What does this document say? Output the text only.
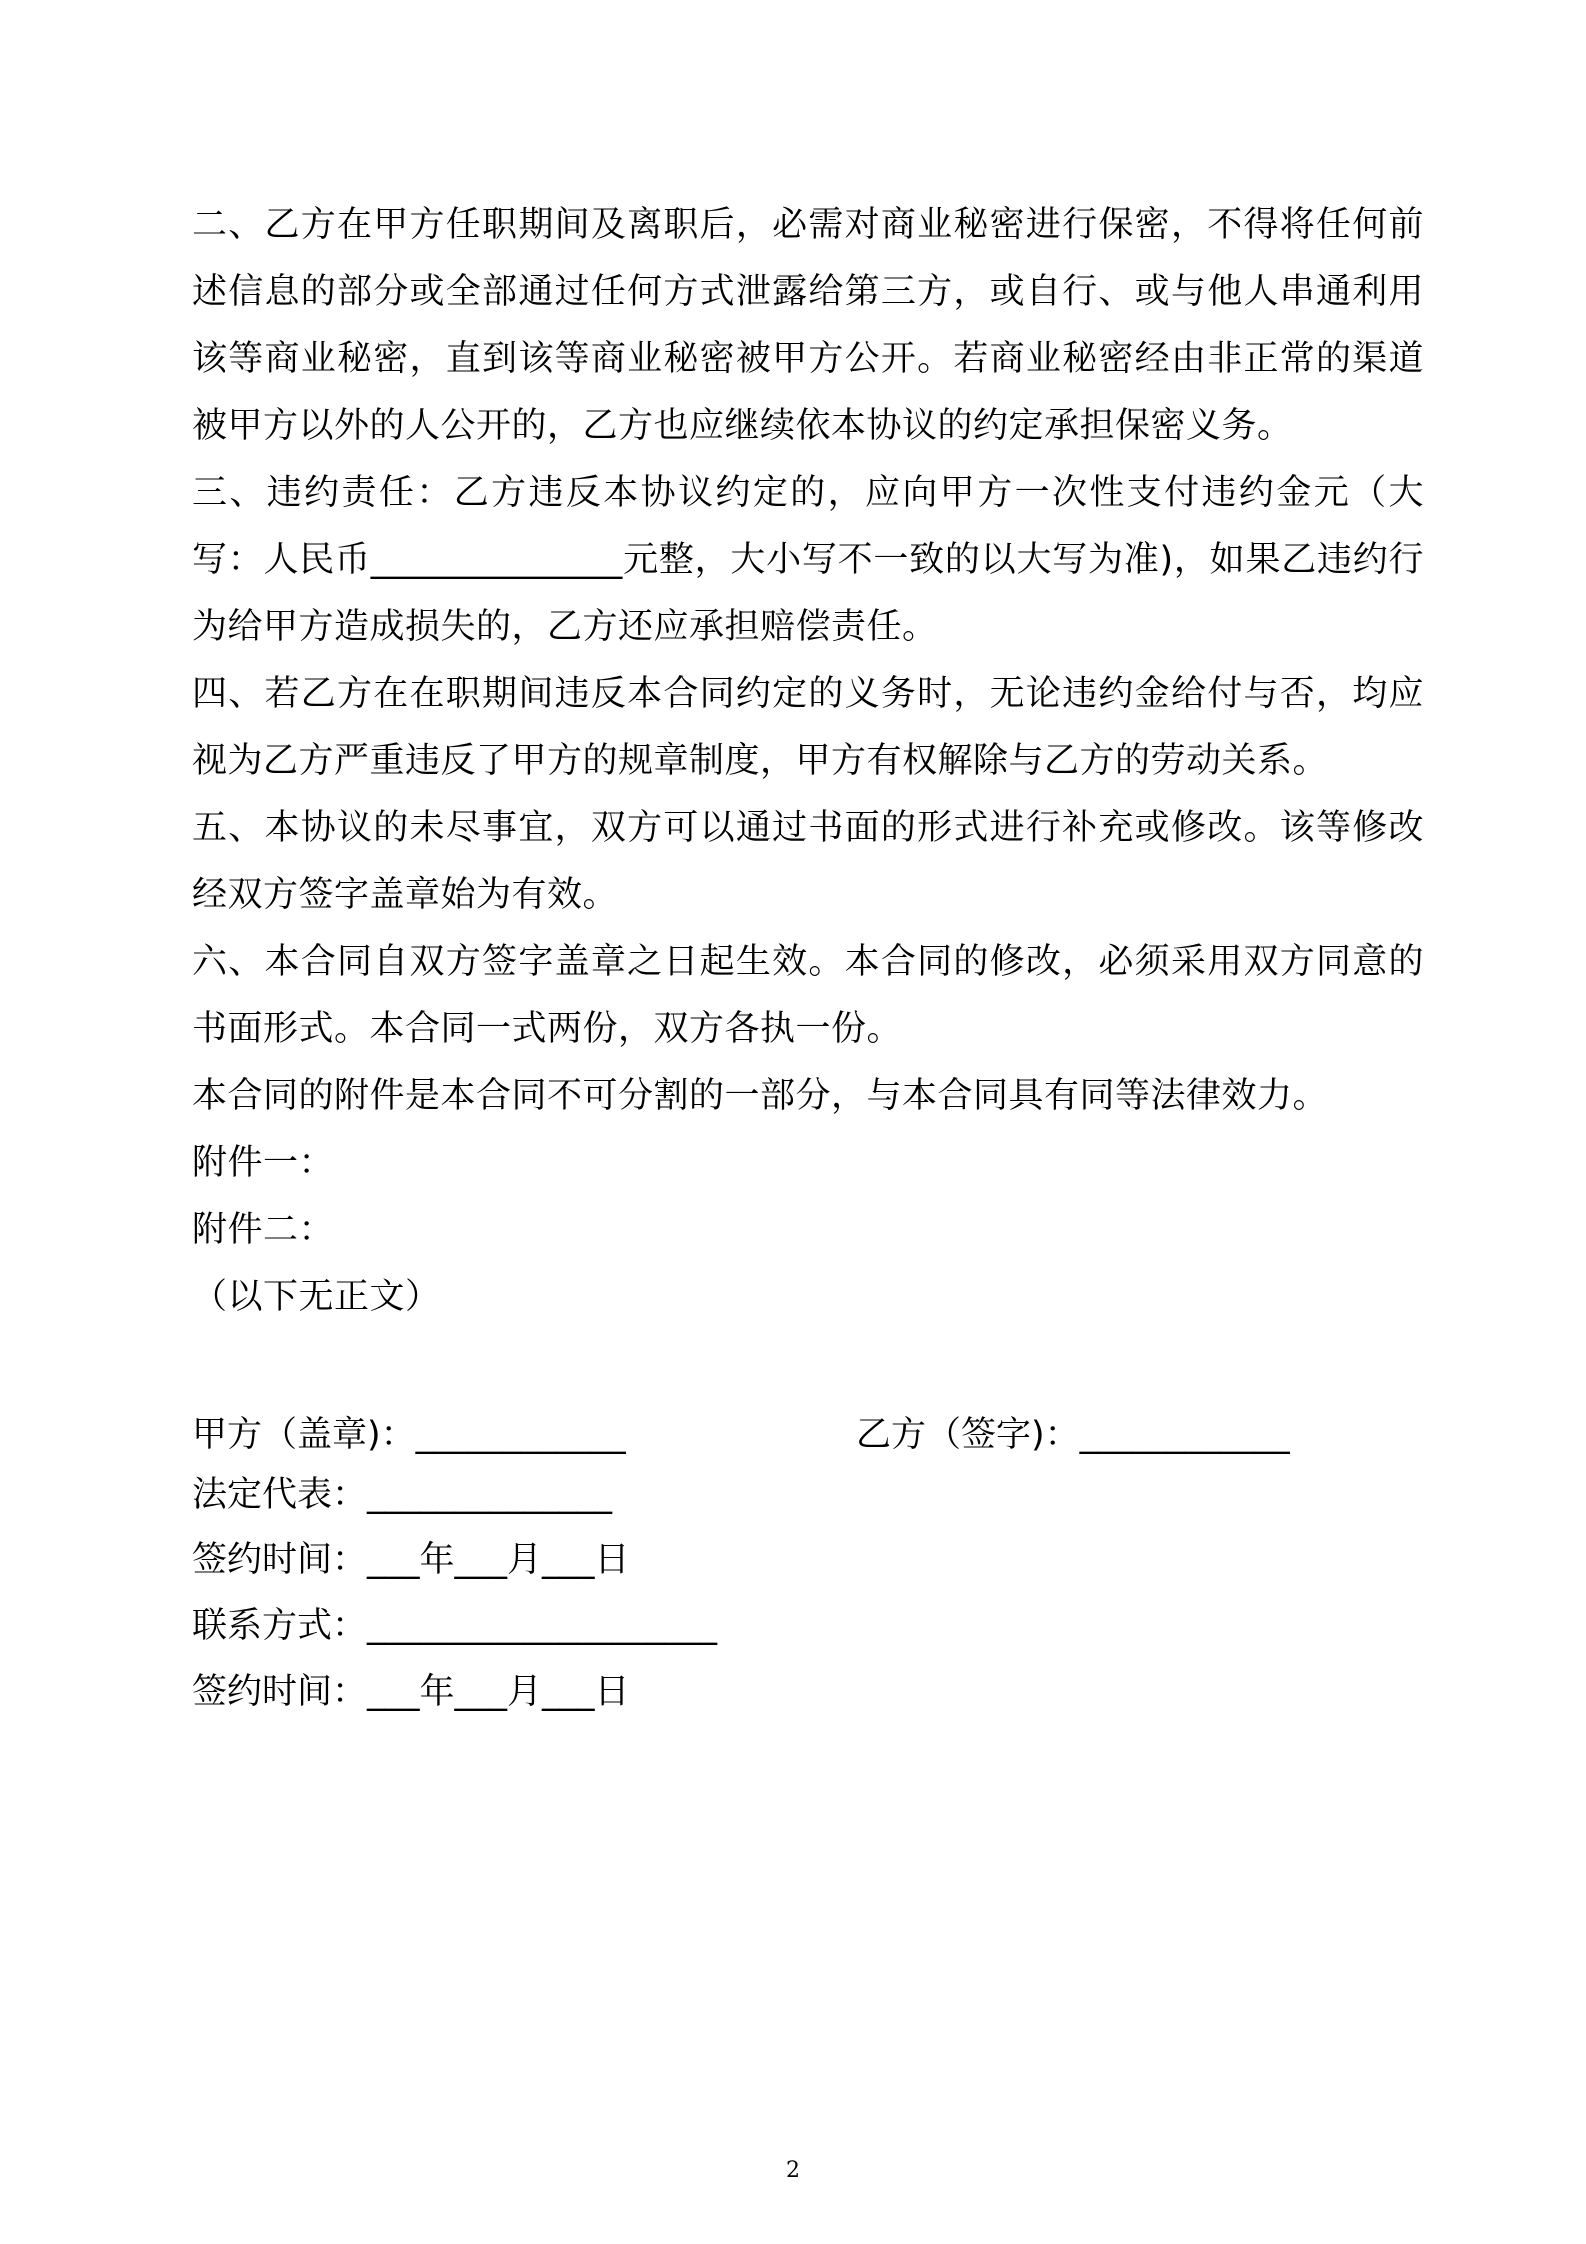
二、乙方在甲方任职期间及离职后，必需对商业秘密进行保密，不得将任何前述信息的部分或全部通过任何方式泄露给第三方，或自行、或与他人串通利用该等商业秘密，直到该等商业秘密被甲方公开。若商业秘密经由非正常的渠道被甲方以外的人公开的，乙方也应继续依本协议的约定承担保密义务。

三、违约责任：乙方违反本协议约定的，应向甲方一次性支付违约金元（大写：人民币______________元整，大小写不一致的以大写为准)，如果乙违约行为给甲方造成损失的，乙方还应承担赔偿责任。

四、若乙方在在职期间违反本合同约定的义务时，无论违约金给付与否，均应视为乙方严重违反了甲方的规章制度，甲方有权解除与乙方的劳动关系。

五、本协议的未尽事宜，双方可以通过书面的形式进行补充或修改。该等修改经双方签字盖章始为有效。

六、本合同自双方签字盖章之日起生效。本合同的修改，必须采用双方同意的书面形式。本合同一式两份，双方各执一份。

本合同的附件是本合同不可分割的一部分，与本合同具有同等法律效力。

附件一：

附件二：

（以下无正文）

甲方（盖章)：____________	乙方（签字)：____________
法定代表：______________
签约时间：___年___月___日
联系方式：____________________
签约时间：___年___月___日
2
